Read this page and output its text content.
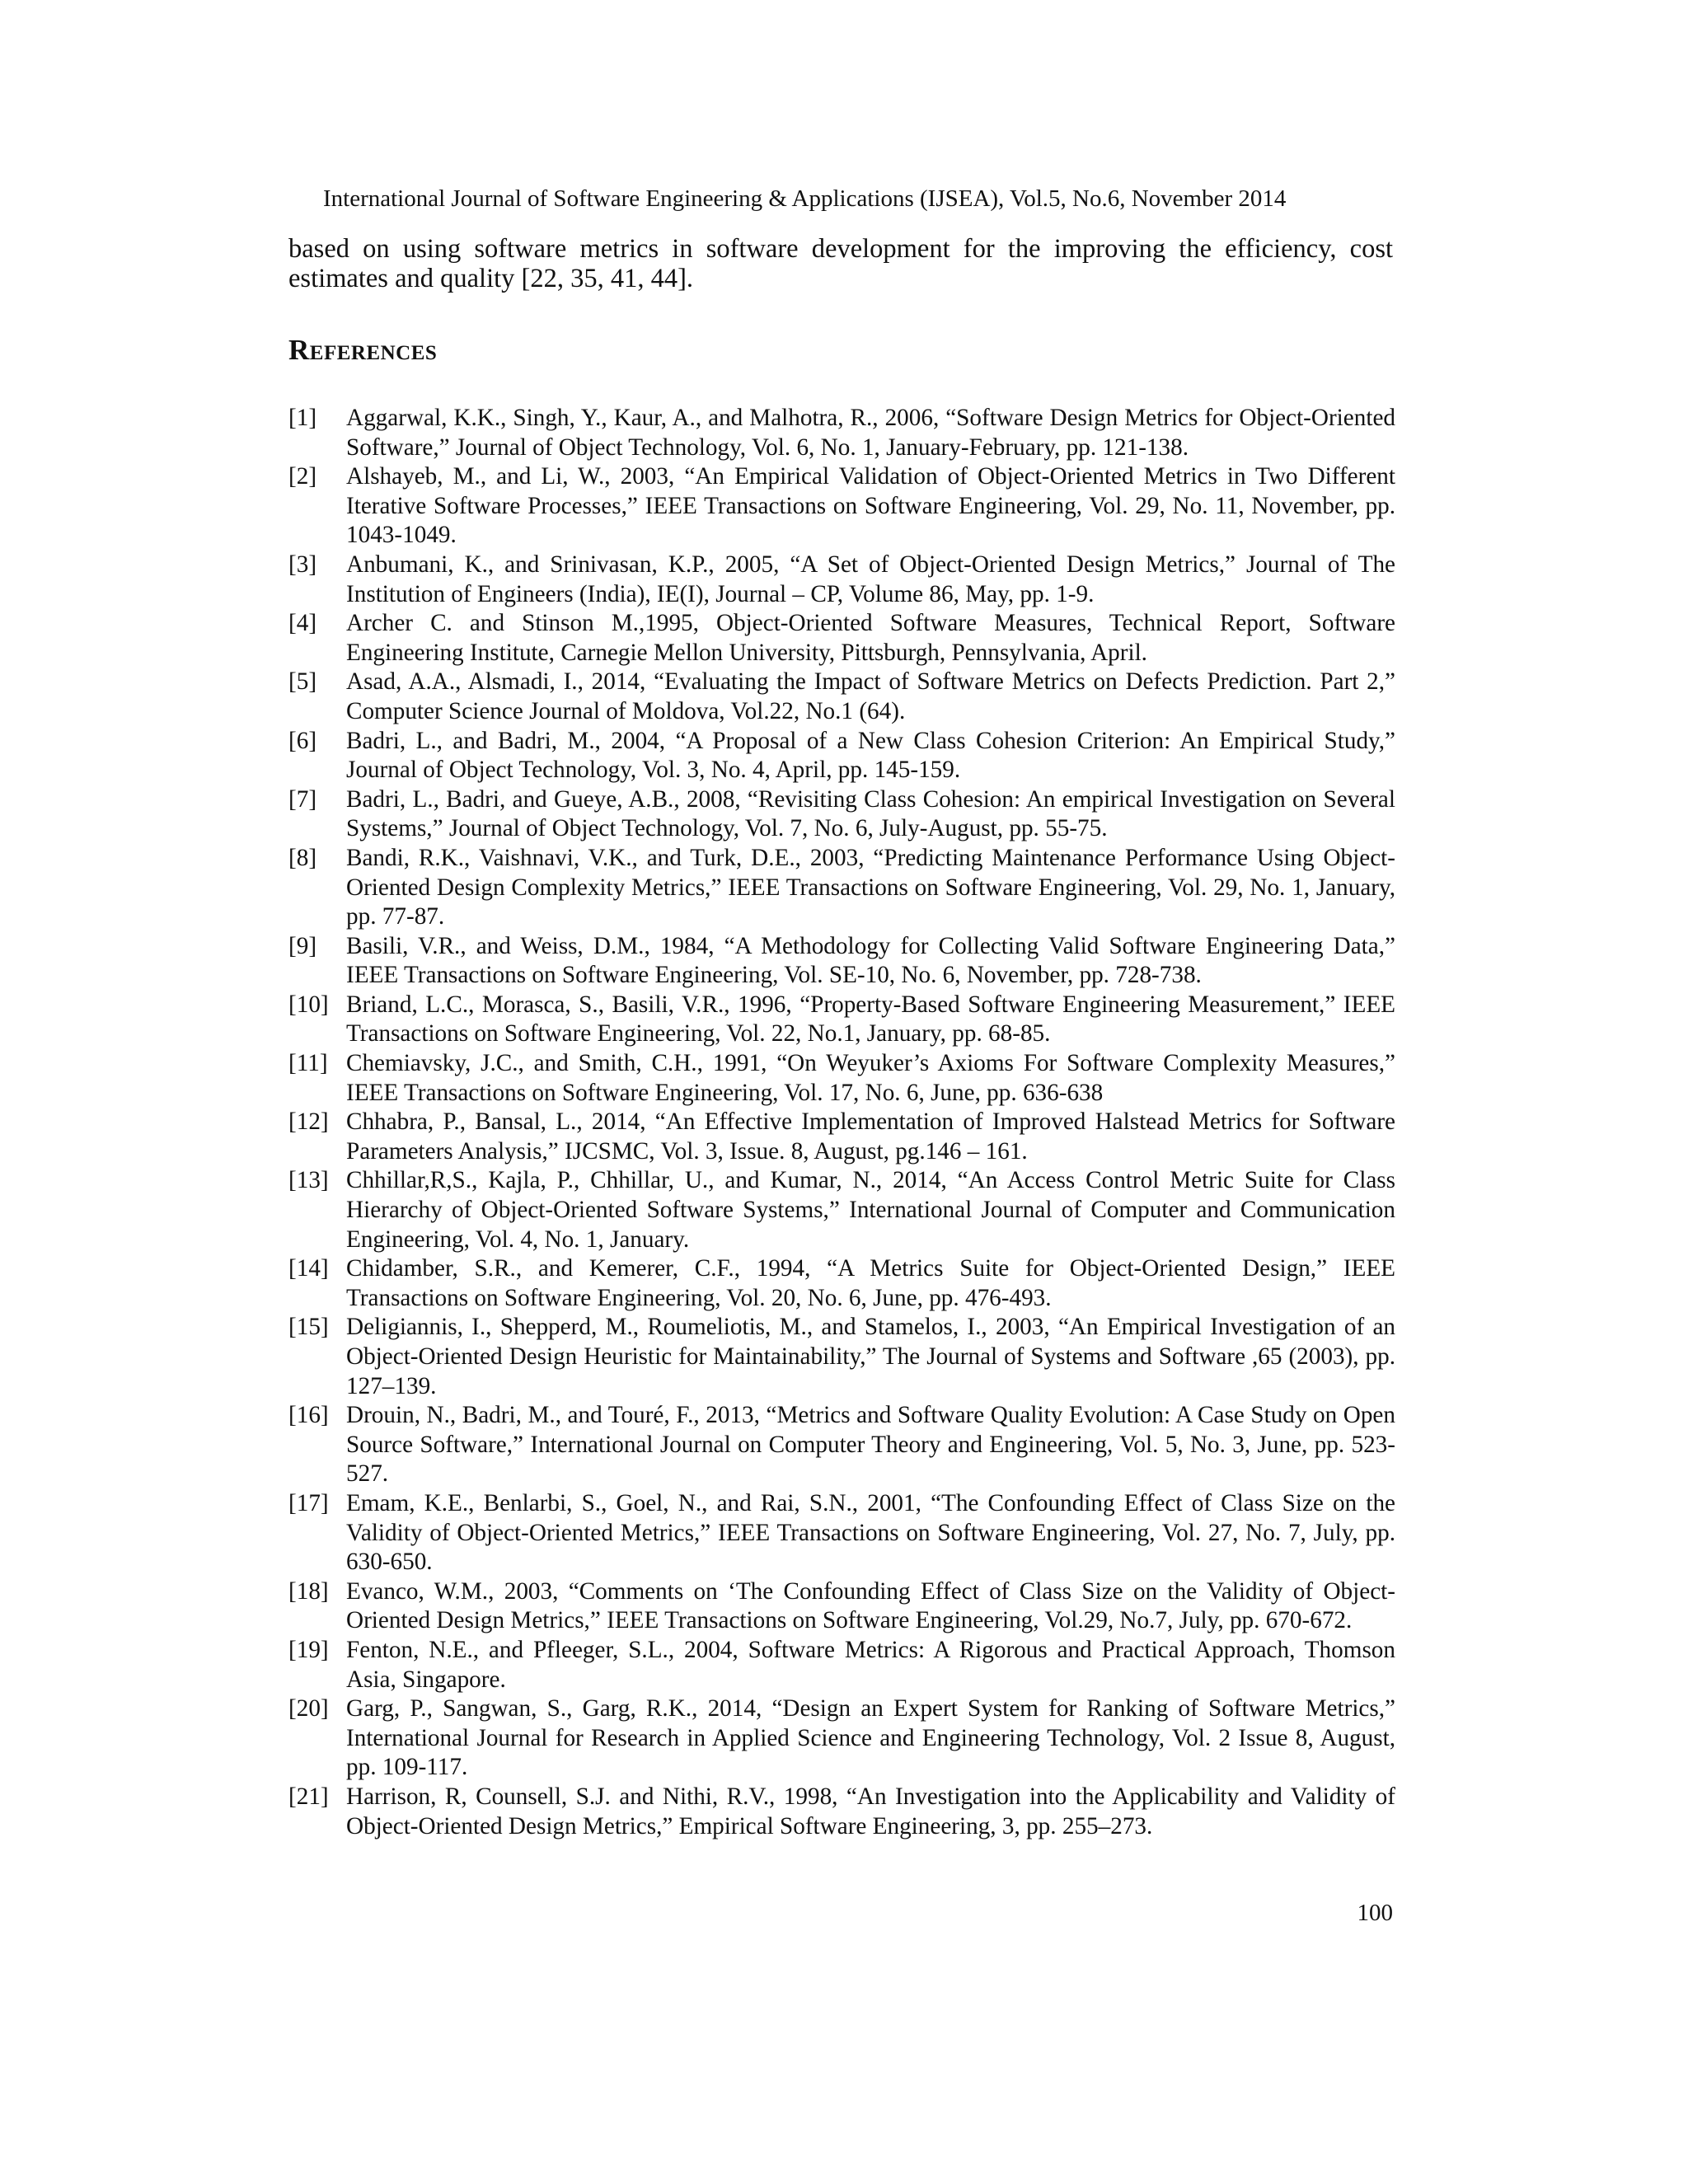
International Journal of Software Engineering & Applications (IJSEA), Vol.5, No.6, November 2014

based on using software metrics in software development for the improving the efficiency, cost estimates and quality [22, 35, 41, 44].

References
[1]	Aggarwal, K.K., Singh, Y., Kaur, A., and Malhotra, R., 2006, “Software Design Metrics for Object-Oriented Software,” Journal of Object Technology, Vol. 6, No. 1, January-February, pp. 121-138.
[2]	Alshayeb, M., and Li, W., 2003, “An Empirical Validation of Object-Oriented Metrics in Two Different Iterative Software Processes,” IEEE Transactions on Software Engineering, Vol. 29, No. 11, November, pp. 1043-1049.
[3]	Anbumani, K., and Srinivasan, K.P., 2005, “A Set of Object-Oriented Design Metrics,” Journal of The Institution of Engineers (India), IE(I), Journal – CP, Volume 86, May, pp. 1-9.
[4]	Archer C. and Stinson M.,1995, Object-Oriented Software Measures, Technical Report, Software Engineering Institute, Carnegie Mellon University, Pittsburgh, Pennsylvania, April.
[5]	Asad, A.A., Alsmadi, I., 2014, “Evaluating the Impact of Software Metrics on Defects Prediction. Part 2,” Computer Science Journal of Moldova, Vol.22, No.1 (64).
[6]	Badri, L., and Badri, M., 2004, “A Proposal of a New Class Cohesion Criterion: An Empirical Study,” Journal of Object Technology, Vol. 3, No. 4, April, pp. 145-159.
[7]	Badri, L., Badri, and Gueye, A.B., 2008, “Revisiting Class Cohesion: An empirical Investigation on Several Systems,” Journal of Object Technology, Vol. 7, No. 6, July-August, pp. 55-75.
[8]	Bandi, R.K., Vaishnavi, V.K., and Turk, D.E., 2003, “Predicting Maintenance Performance Using Object-Oriented Design Complexity Metrics,” IEEE Transactions on Software Engineering, Vol. 29, No. 1, January, pp. 77-87.
[9]	Basili, V.R., and Weiss, D.M., 1984, “A Methodology for Collecting Valid Software Engineering Data,” IEEE Transactions on Software Engineering, Vol. SE-10, No. 6, November, pp. 728-738.
[10] Briand, L.C., Morasca, S., Basili, V.R., 1996, “Property-Based Software Engineering Measurement,” IEEE Transactions on Software Engineering, Vol. 22, No.1, January, pp. 68-85.
[11] Chemiavsky, J.C., and Smith, C.H., 1991, “On Weyuker’s Axioms For Software Complexity Measures,” IEEE Transactions on Software Engineering, Vol. 17, No. 6, June, pp. 636-638
[12] Chhabra, P., Bansal, L., 2014, “An Effective Implementation of Improved Halstead Metrics for Software Parameters Analysis,” IJCSMC, Vol. 3, Issue. 8, August, pg.146 – 161.
[13] Chhillar,R,S., Kajla, P., Chhillar, U., and Kumar, N., 2014, “An Access Control Metric Suite for Class Hierarchy of Object-Oriented Software Systems,” International Journal of Computer and Communication Engineering, Vol. 4, No. 1, January.
[14] Chidamber, S.R., and Kemerer, C.F., 1994, “A Metrics Suite for Object-Oriented Design,” IEEE Transactions on Software Engineering, Vol. 20, No. 6, June, pp. 476-493.
[15] Deligiannis, I., Shepperd, M., Roumeliotis, M., and Stamelos, I., 2003, “An Empirical Investigation of an Object-Oriented Design Heuristic for Maintainability,” The Journal of Systems and Software ,65 (2003), pp. 127–139.
[16] Drouin, N., Badri, M., and Touré, F., 2013, “Metrics and Software Quality Evolution: A Case Study on Open Source Software,” International Journal on Computer Theory and Engineering, Vol. 5, No. 3, June, pp. 523-527.
[17] Emam, K.E., Benlarbi, S., Goel, N., and Rai, S.N., 2001, “The Confounding Effect of Class Size on the Validity of Object-Oriented Metrics,” IEEE Transactions on Software Engineering, Vol. 27, No. 7, July, pp. 630-650.
[18] Evanco, W.M., 2003, “Comments on ‘The Confounding Effect of Class Size on the Validity of Object-Oriented Design Metrics,” IEEE Transactions on Software Engineering, Vol.29, No.7, July, pp. 670-672.
[19] Fenton, N.E., and Pfleeger, S.L., 2004, Software Metrics: A Rigorous and Practical Approach, Thomson Asia, Singapore.
[20] Garg, P., Sangwan, S., Garg, R.K., 2014, “Design an Expert System for Ranking of Software Metrics,” International Journal for Research in Applied Science and Engineering Technology, Vol. 2 Issue 8, August, pp. 109-117.
[21] Harrison, R, Counsell, S.J. and Nithi, R.V., 1998, “An Investigation into the Applicability and Validity of Object-Oriented Design Metrics,” Empirical Software Engineering, 3, pp. 255–273.
100
